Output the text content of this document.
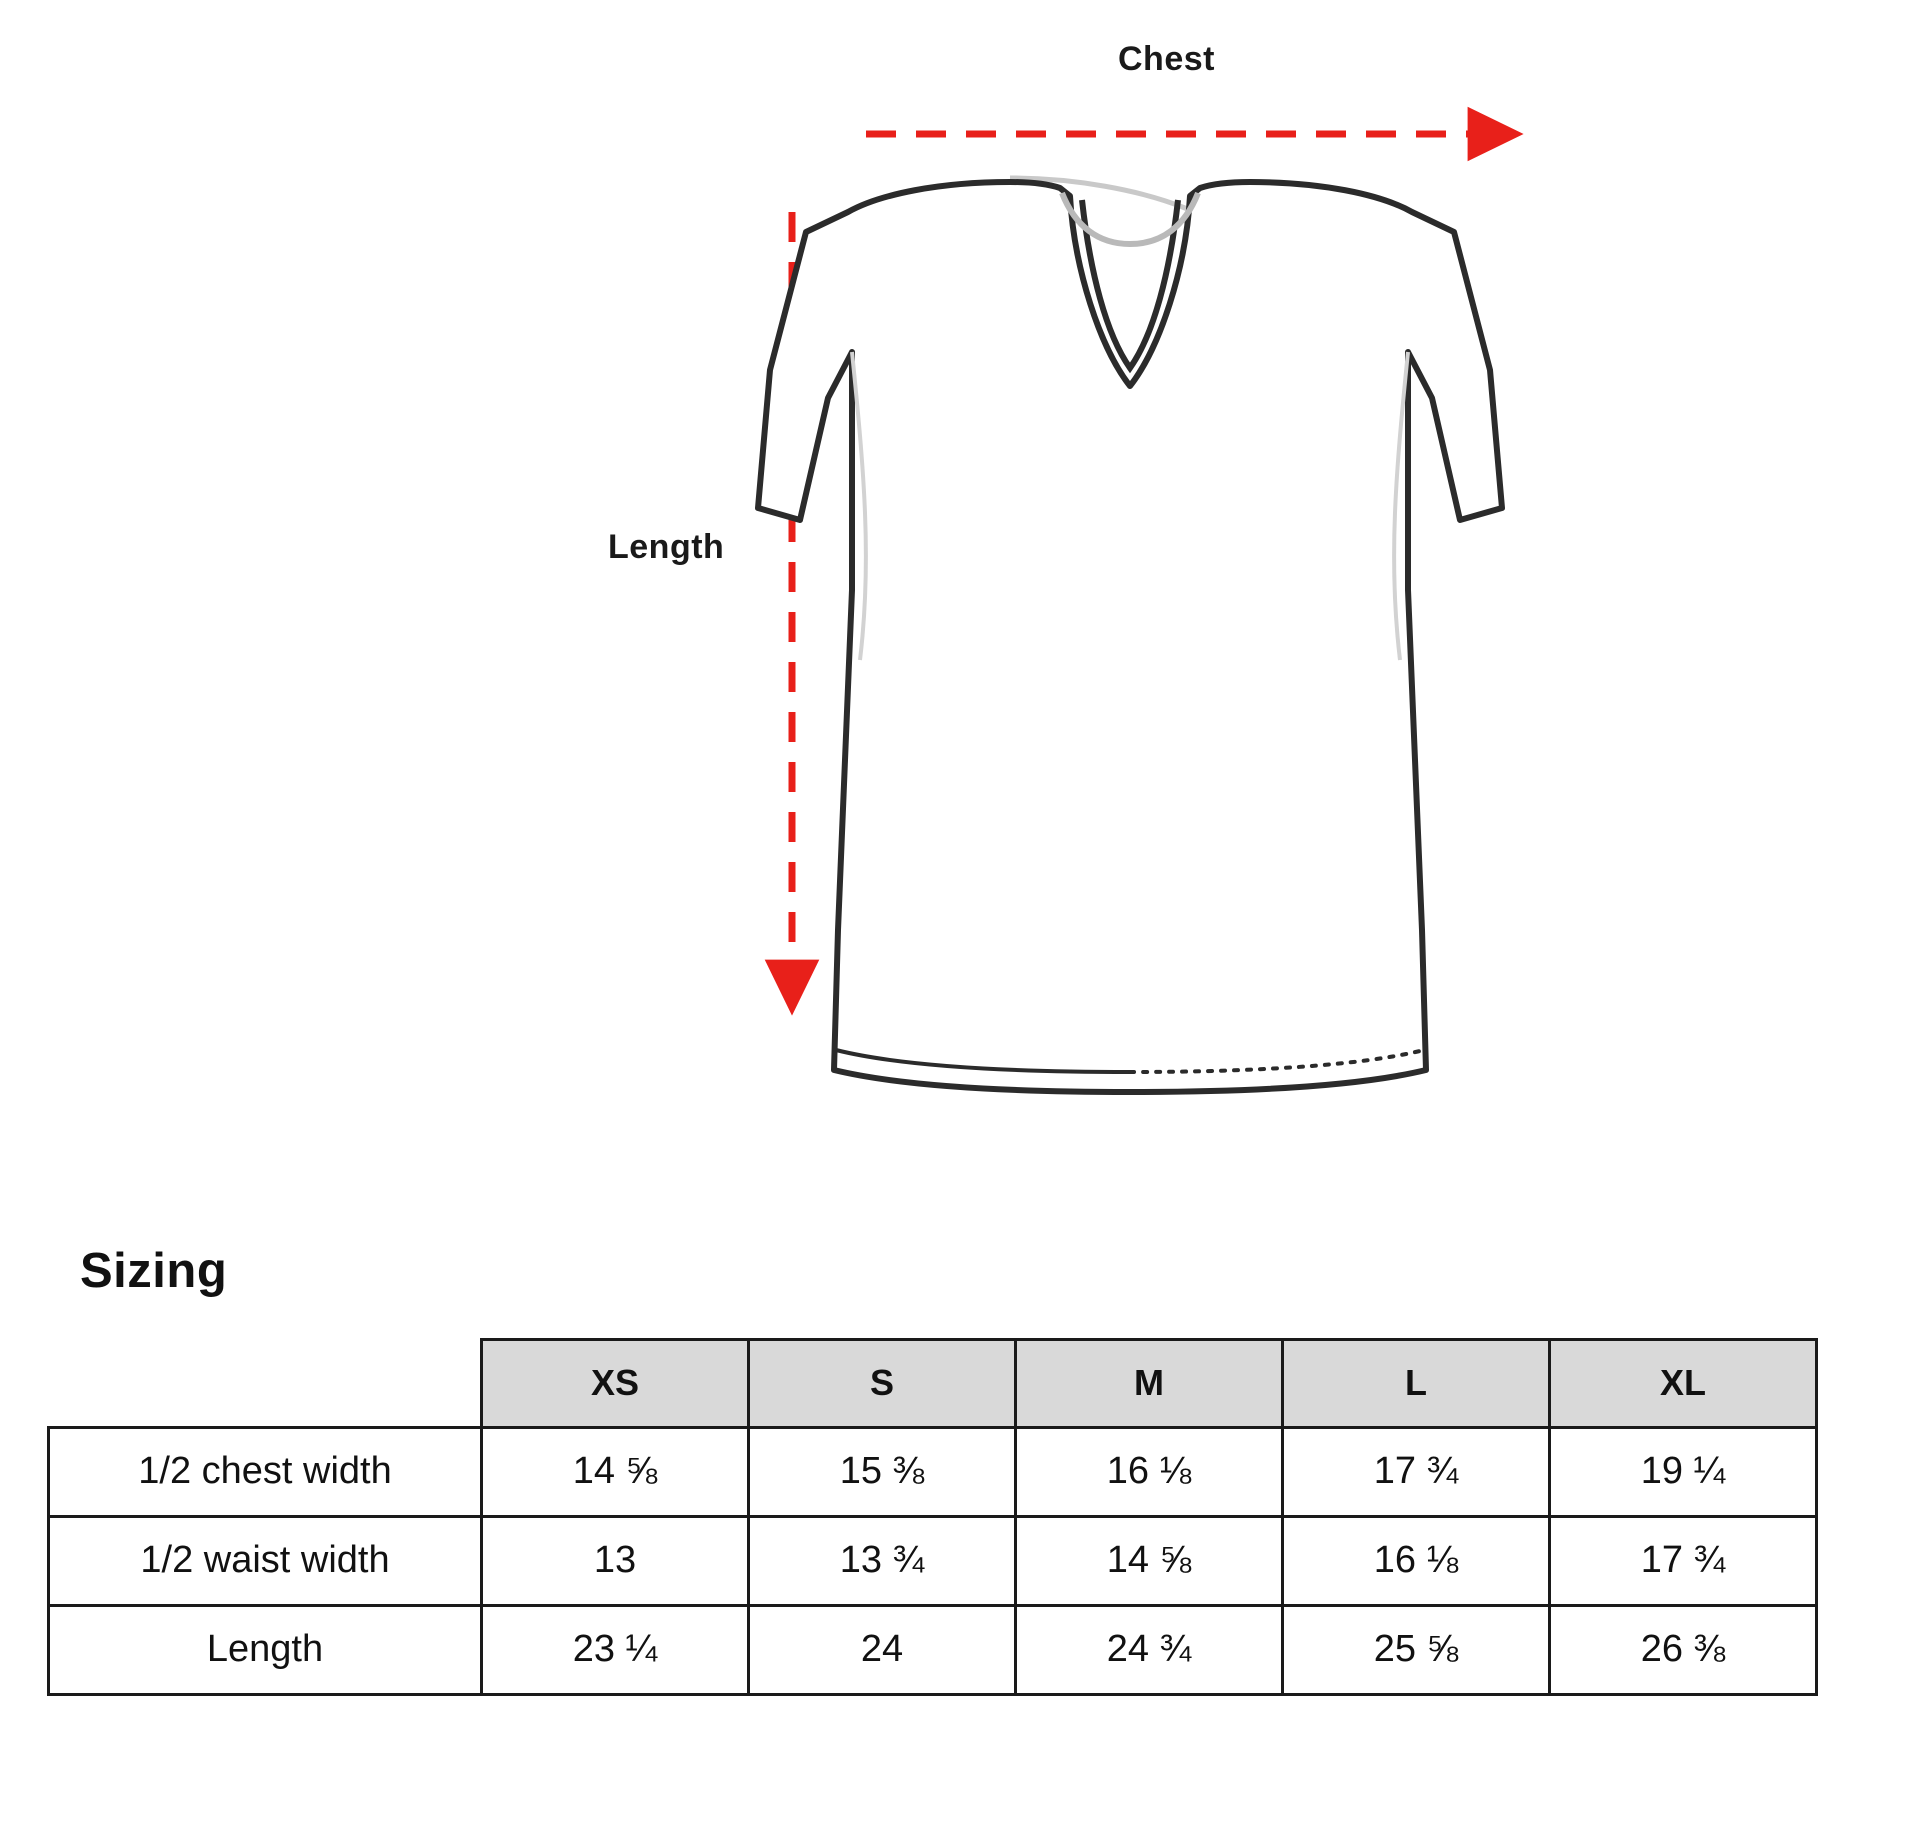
Chest
Length
Sizing
	XS	S	M	L	XL
1/2 chest width	14 ⅝	15 ⅜	16 ⅛	17 ¾	19 ¼
1/2 waist width	13	13 ¾	14 ⅝	16 ⅛	17 ¾
Length	23 ¼	24	24 ¾	25 ⅝	26 ⅜
